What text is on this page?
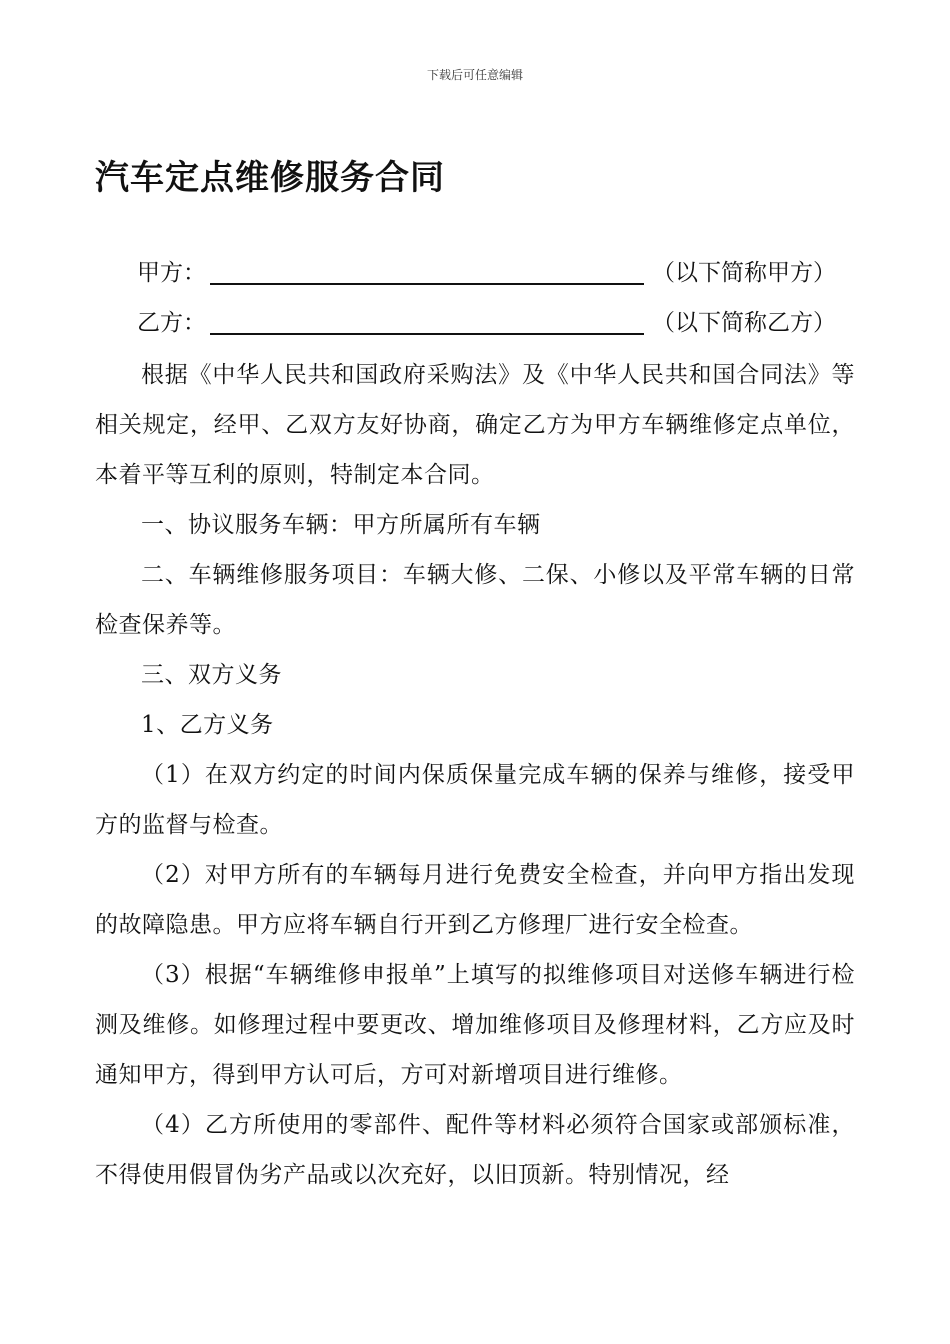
下载后可任意编辑
汽车定点维修服务合同
甲方：	（以下简称甲方）
乙方：	（以下简称乙方）

根据《中华人民共和国政府采购法》及《中华人民共和国合同法》等相关规定，经甲、乙双方友好协商，确定乙方为甲方车辆维修定点单位，本着平等互利的原则，特制定本合同。

一、协议服务车辆：甲方所属所有车辆

二、车辆维修服务项目：车辆大修、二保、小修以及平常车辆的日常检查保养等。

三、双方义务

1、乙方义务

（1）在双方约定的时间内保质保量完成车辆的保养与维修，接受甲方的监督与检查。

（2）对甲方所有的车辆每月进行免费安全检查，并向甲方指出发现的故障隐患。甲方应将车辆自行开到乙方修理厂进行安全检查。

（3）根据“车辆维修申报单”上填写的拟维修项目对送修车辆进行检测及维修。如修理过程中要更改、增加维修项目及修理材料，乙方应及时通知甲方，得到甲方认可后，方可对新增项目进行维修。

（4）乙方所使用的零部件、配件等材料必须符合国家或部颁标准，不得使用假冒伪劣产品或以次充好，以旧顶新。特别情况，经
